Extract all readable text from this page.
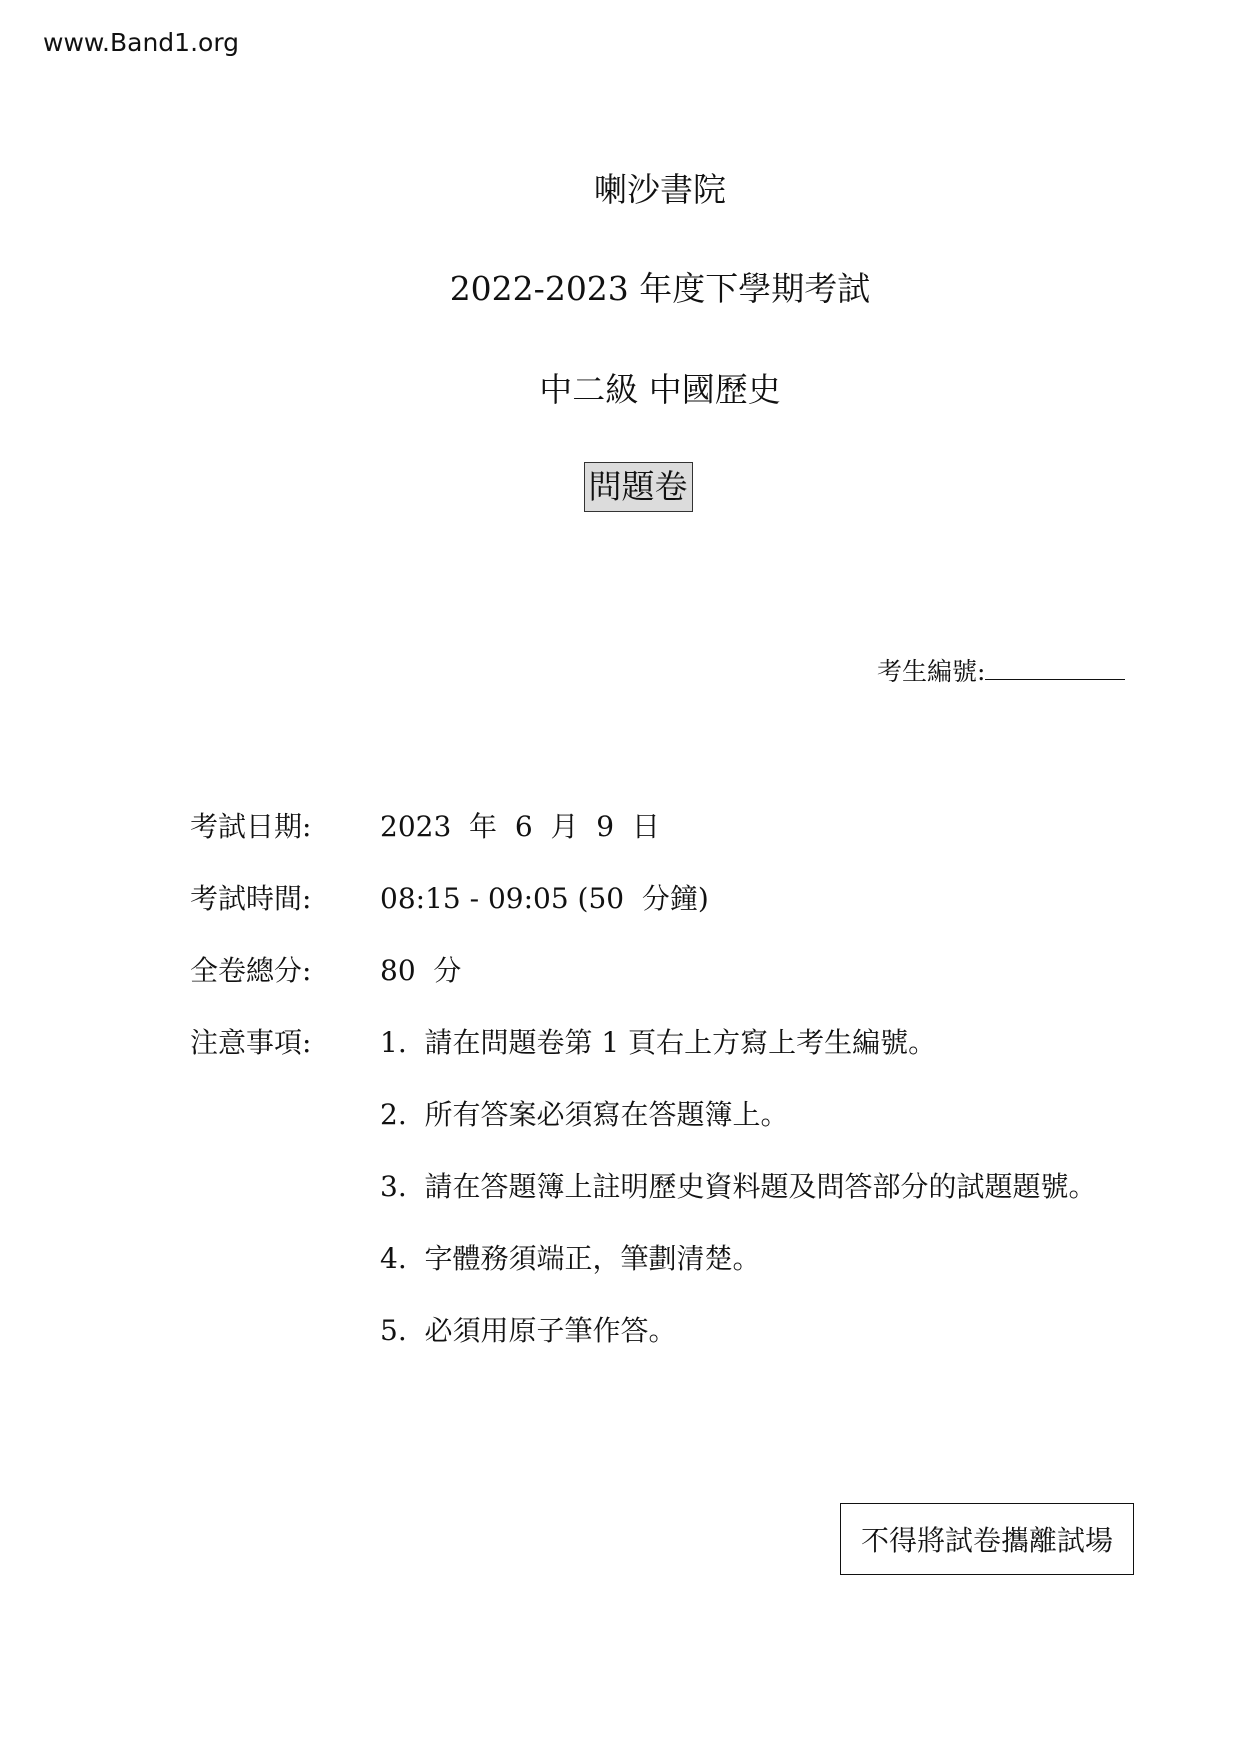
www.Band1.org
喇沙書院
2022-2023 年度下學期考試
中二級 中國歷史
問題卷
考生編號:
考試日期: 2023  年  6  月  9  日
考試時間: 08:15 - 09:05 (50  分鐘)
全卷總分: 80  分
注意事項: 1.  請在問題卷第 1 頁右上方寫上考生編號。
2.  所有答案必須寫在答題簿上。
3.  請在答題簿上註明歷史資料題及問答部分的試題題號。
4.  字體務須端正，筆劃清楚。
5.  必須用原子筆作答。
不得將試卷攜離試場
